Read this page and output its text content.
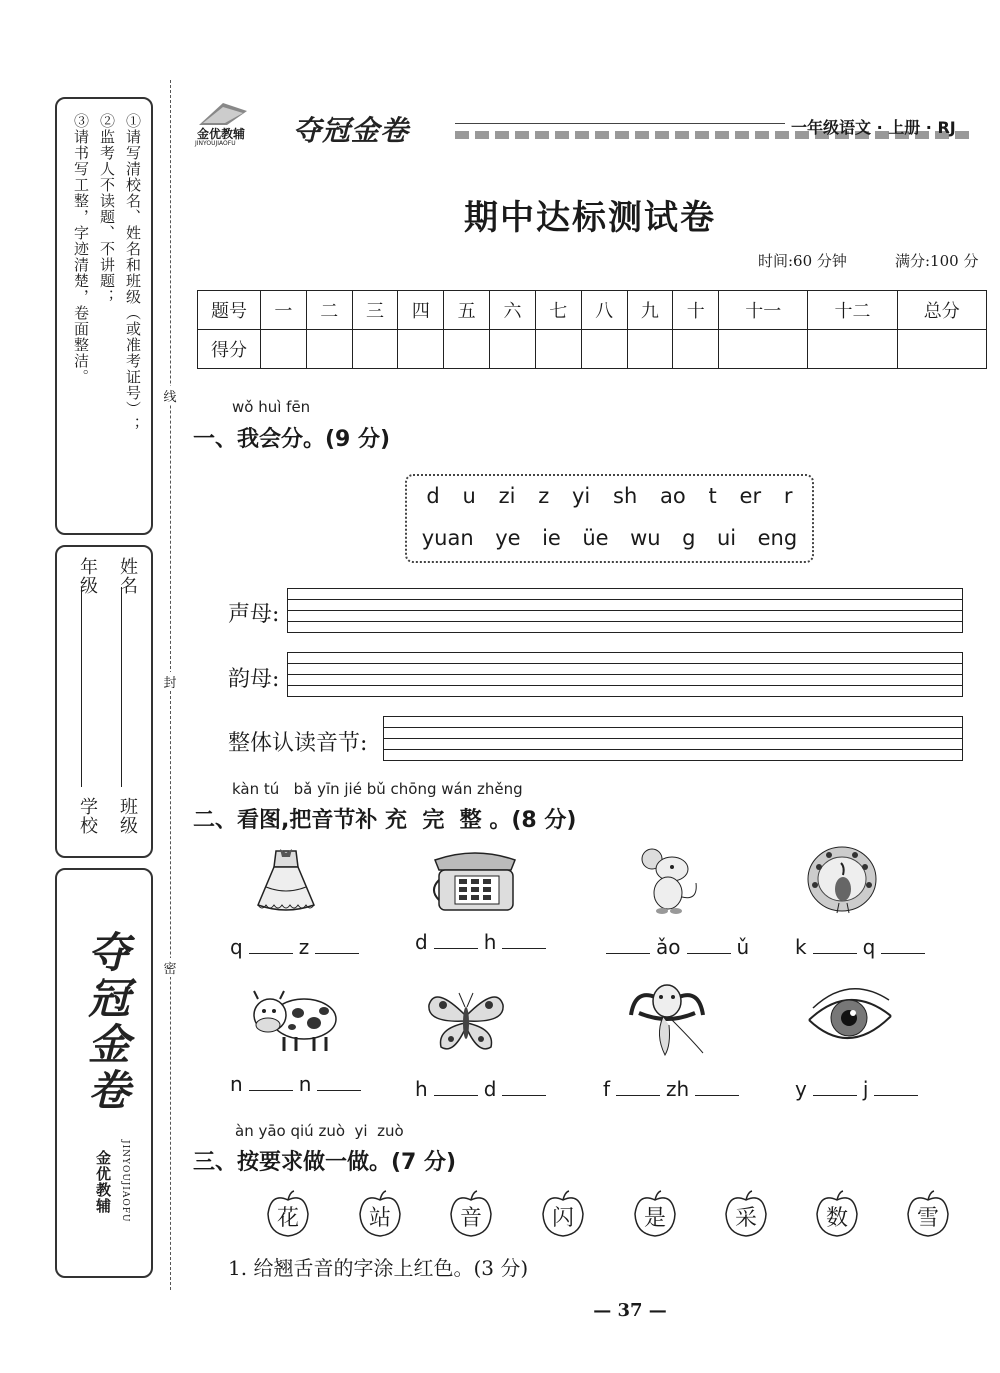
①请写清校名、姓名和班级（或准考证号）；
②监考人不读题、不讲题；
③请书写工整，字迹清楚，卷面整洁。
年级 姓名
学校 班级
夺冠金卷
金优教辅 JINYOUJIAOFU
线
封
密
金优教辅
JINYOUJIAOFU 夺冠金卷	一年级语文 · 上册 · RJ
期中达标测试卷
时间:60 分钟	满分:100 分
题号	一	二	三	四	五	六	七	八	九	十	十一	十二	总分
得分													
wǒ huì fēn
一、我会分。(9 分)
d u zi z yi sh ao t er r
yuan ye ie üe wu g ui eng
声母:
韵母:
整体认读音节:
kàn tú   bǎ yīn jié bǔ chōng wán zhěng
二、看图,把音节补 充  完  整 。(8 分)
q	z	d	h	ǎo	ǔ k	q
n	n	h	d	f	zh	y	j
àn yāo qiú zuò  yi  zuò
三、按要求做一做。(7 分)
花	站	音	闪	是	采	数	雪
1. 给翘舌音的字涂上红色。(3 分)
— 37 —
